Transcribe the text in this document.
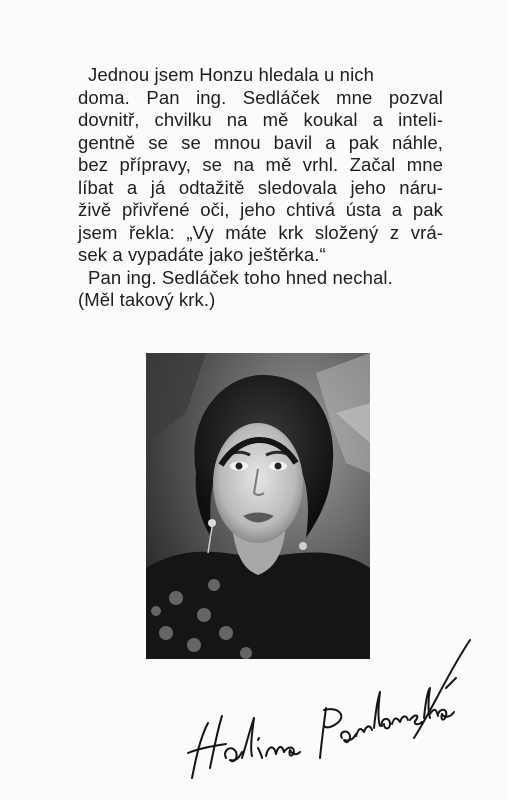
Jednou jsem Honzu hledala u nich
doma. Pan ing. Sedláček mne pozval
dovnitř, chvilku na mě koukal a inteli-
gentně se se mnou bavil a pak náhle,
bez přípravy, se na mě vrhl. Začal mne
líbat a já odtažitě sledovala jeho náru-
živě přivřené oči, jeho chtivá ústa a pak
jsem řekla: „Vy máte krk složený z vrá-
sek a vypadáte jako ještěrka.“
Pan ing. Sedláček toho hned nechal.
(Měl takový krk.)
